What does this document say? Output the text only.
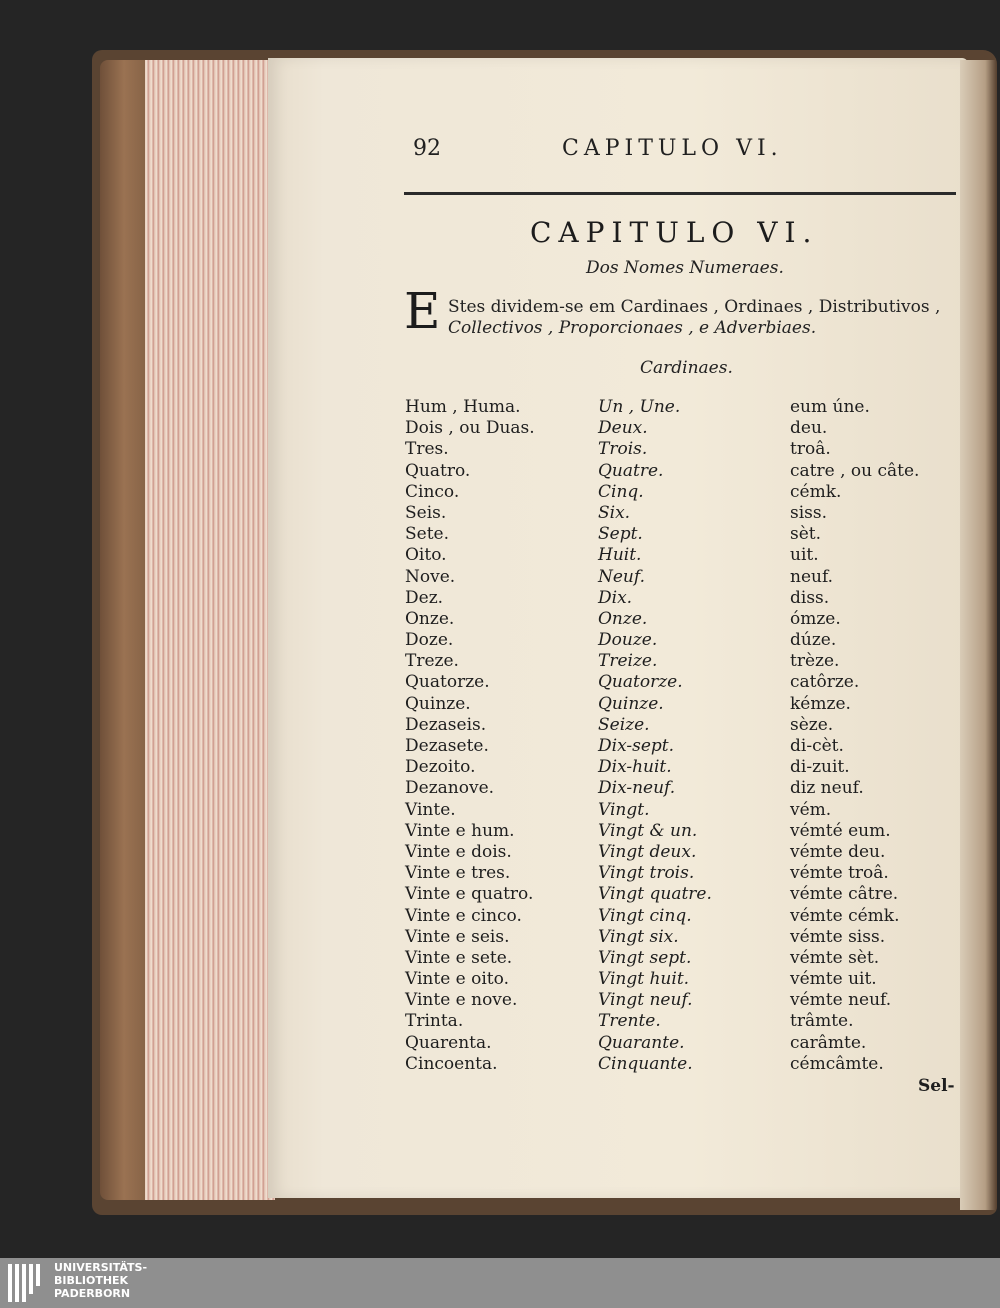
92	CAPITULO VI.
CAPITULO VI.
Dos Nomes Numeraes.
E Stes dividem-se em Cardinaes , Ordinaes , Distributivos ,
Collectivos , Proporcionaes , e Adverbiaes.
Cardinaes.
Hum , Huma.	Un , Une.	eum úne.
Dois , ou Duas.	Deux.	deu.
Tres.	Trois.	troâ.
Quatro.	Quatre.	catre , ou câte.
Cinco.	Cinq.	cémk.
Seis.	Six.	siss.
Sete.	Sept.	sèt.
Oito.	Huit.	uit.
Nove.	Neuf.	neuf.
Dez.	Dix.	diss.
Onze.	Onze.	ómze.
Doze.	Douze.	dúze.
Treze.	Treize.	trèze.
Quatorze.	Quatorze.	catôrze.
Quinze.	Quinze.	kémze.
Dezaseis.	Seize.	sèze.
Dezasete.	Dix-sept.	di-cèt.
Dezoito.	Dix-huit.	di-zuit.
Dezanove.	Dix-neuf.	diz neuf.
Vinte.	Vingt.	vém.
Vinte e hum.	Vingt & un.	vémté eum.
Vinte e dois.	Vingt deux.	vémte deu.
Vinte e tres.	Vingt trois.	vémte troâ.
Vinte e quatro.	Vingt quatre.	vémte câtre.
Vinte e cinco.	Vingt cinq.	vémte cémk.
Vinte e seis.	Vingt six.	vémte siss.
Vinte e sete.	Vingt sept.	vémte sèt.
Vinte e oito.	Vingt huit.	vémte uit.
Vinte e nove.	Vingt neuf.	vémte neuf.
Trinta.	Trente.	trâmte.
Quarenta.	Quarante.	carâmte.
Cincoenta.	Cinquante.	cémcâmte.
Sel-
UNIVERSITÄTS-
BIBLIOTHEK
PADERBORN
